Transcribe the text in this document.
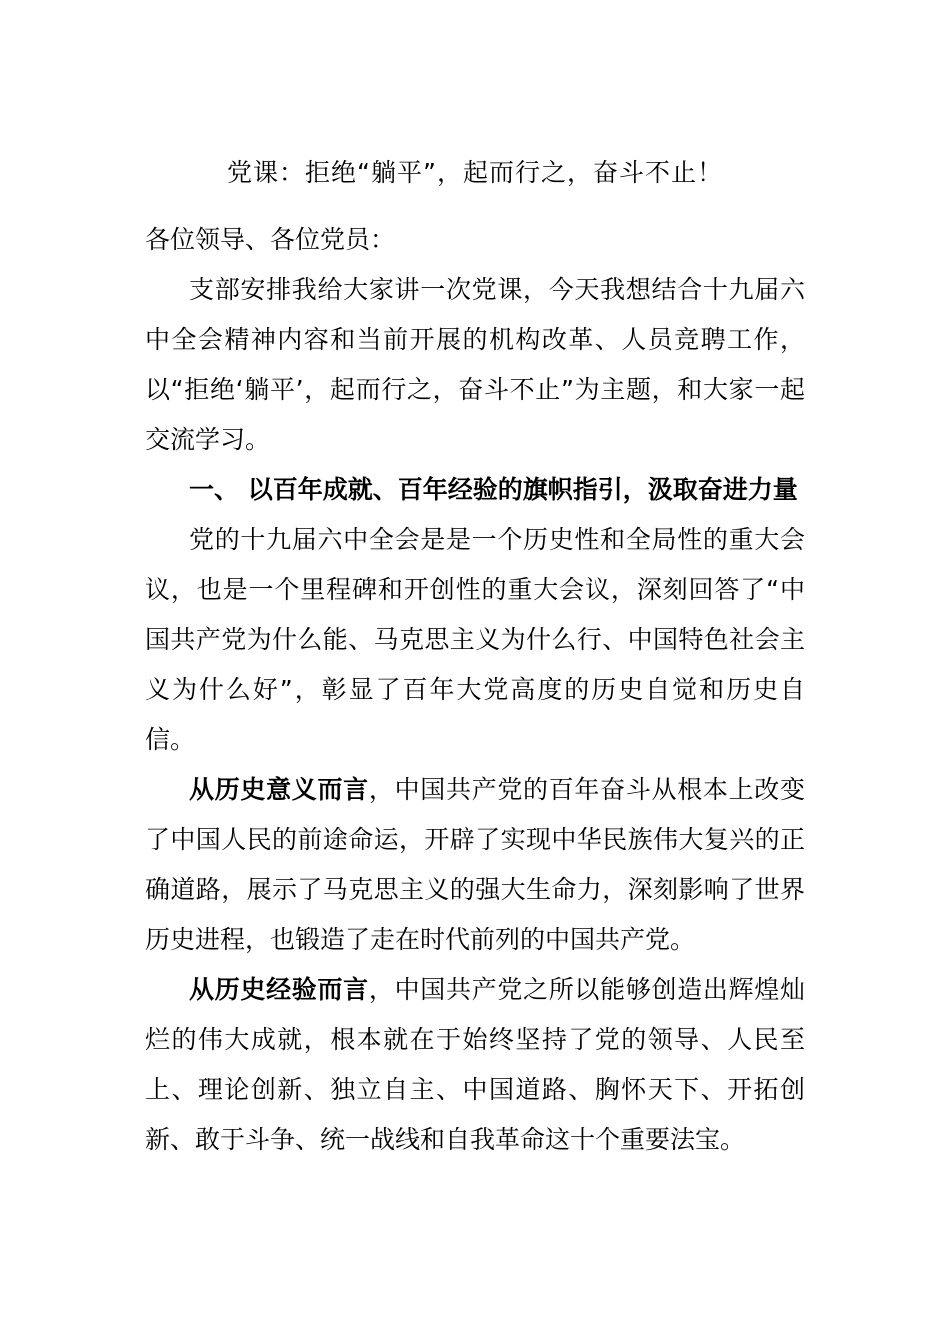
党课：拒绝“躺平”，起而行之，奋斗不止！

各位领导、各位党员：

支部安排我给大家讲一次党课，今天我想结合十九届六中全会精神内容和当前开展的机构改革、人员竞聘工作，以“拒绝‘躺平’，起而行之，奋斗不止”为主题，和大家一起交流学习。

一、 以百年成就、百年经验的旗帜指引，汲取奋进力量

党的十九届六中全会是是一个历史性和全局性的重大会议，也是一个里程碑和开创性的重大会议，深刻回答了“中国共产党为什么能、马克思主义为什么行、中国特色社会主义为什么好”，彰显了百年大党高度的历史自觉和历史自信。

从历史意义而言，中国共产党的百年奋斗从根本上改变了中国人民的前途命运，开辟了实现中华民族伟大复兴的正确道路，展示了马克思主义的强大生命力，深刻影响了世界历史进程，也锻造了走在时代前列的中国共产党。

从历史经验而言，中国共产党之所以能够创造出辉煌灿烂的伟大成就，根本就在于始终坚持了党的领导、人民至上、理论创新、独立自主、中国道路、胸怀天下、开拓创新、敢于斗争、统一战线和自我革命这十个重要法宝。
